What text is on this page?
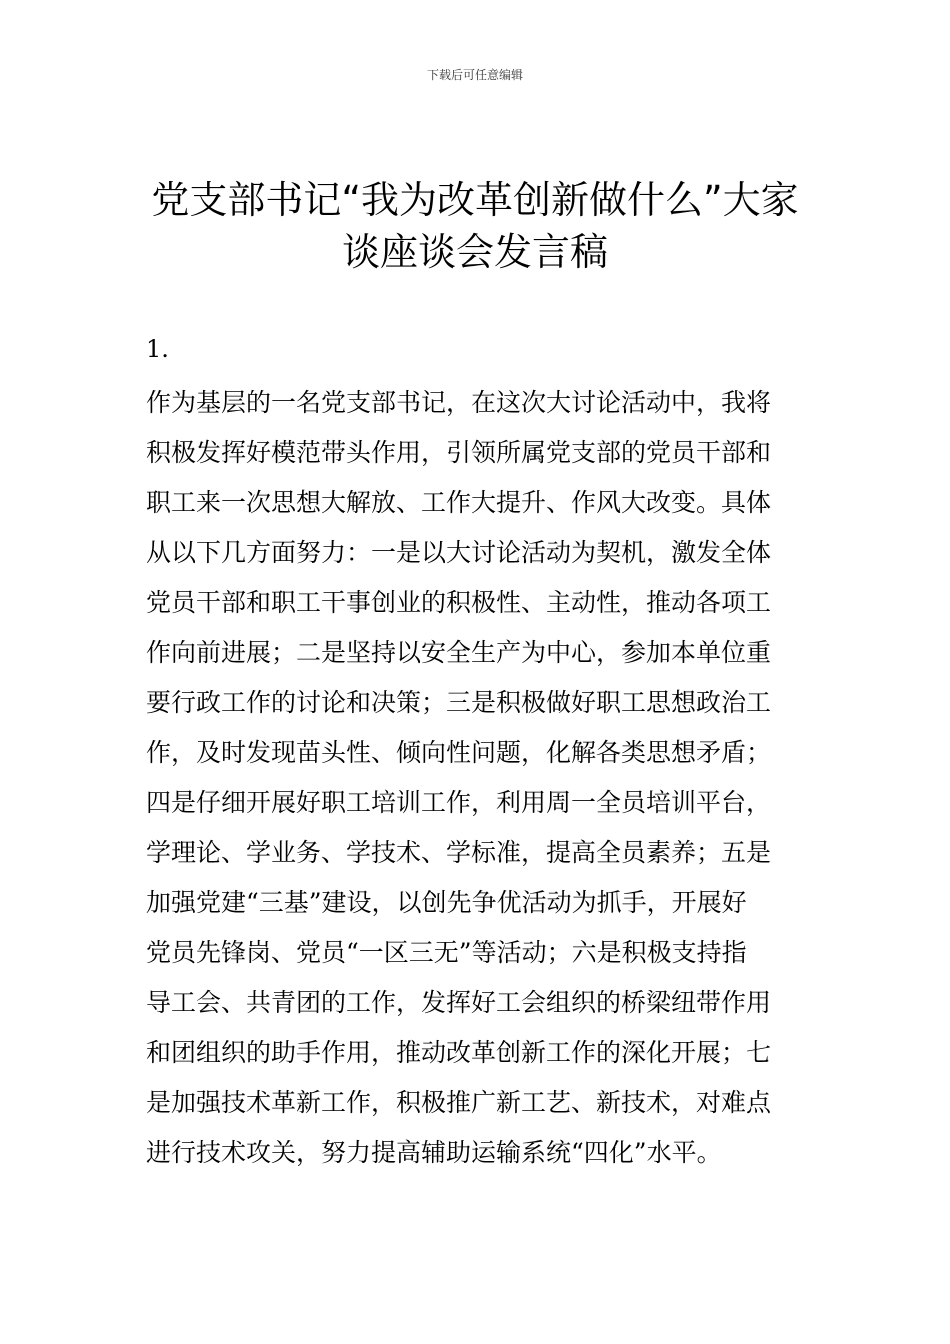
下载后可任意编辑
党支部书记“我为改革创新做什么”大家
谈座谈会发言稿
1.
作为基层的一名党支部书记，在这次大讨论活动中，我将
积极发挥好模范带头作用，引领所属党支部的党员干部和
职工来一次思想大解放、工作大提升、作风大改变。具体
从以下几方面努力：一是以大讨论活动为契机，激发全体
党员干部和职工干事创业的积极性、主动性，推动各项工
作向前进展；二是坚持以安全生产为中心，参加本单位重
要行政工作的讨论和决策；三是积极做好职工思想政治工
作，及时发现苗头性、倾向性问题，化解各类思想矛盾；
四是仔细开展好职工培训工作，利用周一全员培训平台，
学理论、学业务、学技术、学标准，提高全员素养；五是
加强党建“三基”建设，以创先争优活动为抓手，开展好
党员先锋岗、党员“一区三无”等活动；六是积极支持指
导工会、共青团的工作，发挥好工会组织的桥梁纽带作用
和团组织的助手作用，推动改革创新工作的深化开展；七
是加强技术革新工作，积极推广新工艺、新技术，对难点
进行技术攻关，努力提高辅助运输系统“四化”水平。
